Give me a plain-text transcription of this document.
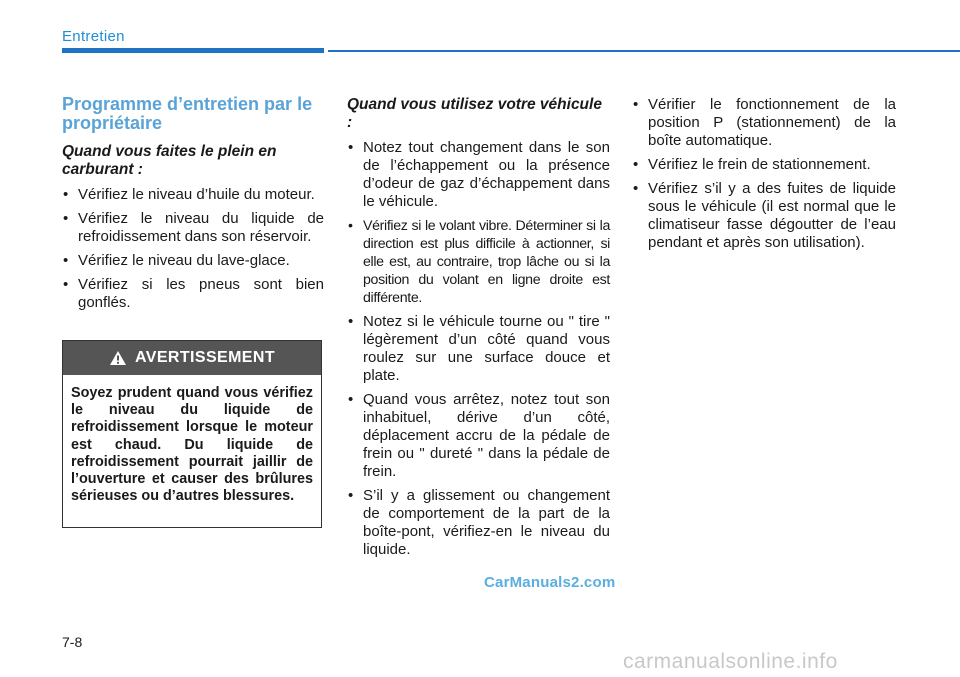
Entretien
Programme d’entretien par le propriétaire
Quand vous faites le plein en carburant :
• Vérifiez le niveau d’huile du moteur.
• Vérifiez le niveau du liquide de refroidissement dans son réservoir.
• Vérifiez le niveau du lave-glace.
• Vérifiez si les pneus sont bien gonflés.
AVERTISSEMENT
Soyez prudent quand vous vérifiez le niveau du liquide de refroidissement lorsque le moteur est chaud. Du liquide de refroidissement pourrait jaillir de l’ouverture et causer des brûlures sérieuses ou d’autres blessures.
Quand vous utilisez votre véhicule :
• Notez tout changement dans le son de l’échappement ou la présence d’odeur de gaz d’échappement dans le véhicule.
• Vérifiez si le volant vibre. Déterminer si la direction est plus difficile à actionner, si elle est, au contraire, trop lâche ou si la position du volant en ligne droite est différente.
• Notez si le véhicule tourne ou " tire " légèrement d’un côté quand vous roulez sur une surface douce et plate.
• Quand vous arrêtez, notez tout son inhabituel, dérive d’un côté, déplacement accru de la pédale de frein ou " dureté " dans la pédale de frein.
• S’il y a glissement ou changement de comportement de la part de la boîte-pont, vérifiez-en le niveau du liquide.
• Vérifier le fonctionnement de la position P (stationnement) de la boîte automatique.
• Vérifiez le frein de stationnement.
• Vérifiez s’il y a des fuites de liquide sous le véhicule (il est normal que le climatiseur fasse dégoutter de l’eau pendant et après son utilisation).
CarManuals2.com
7-8
carmanualsonline.info
